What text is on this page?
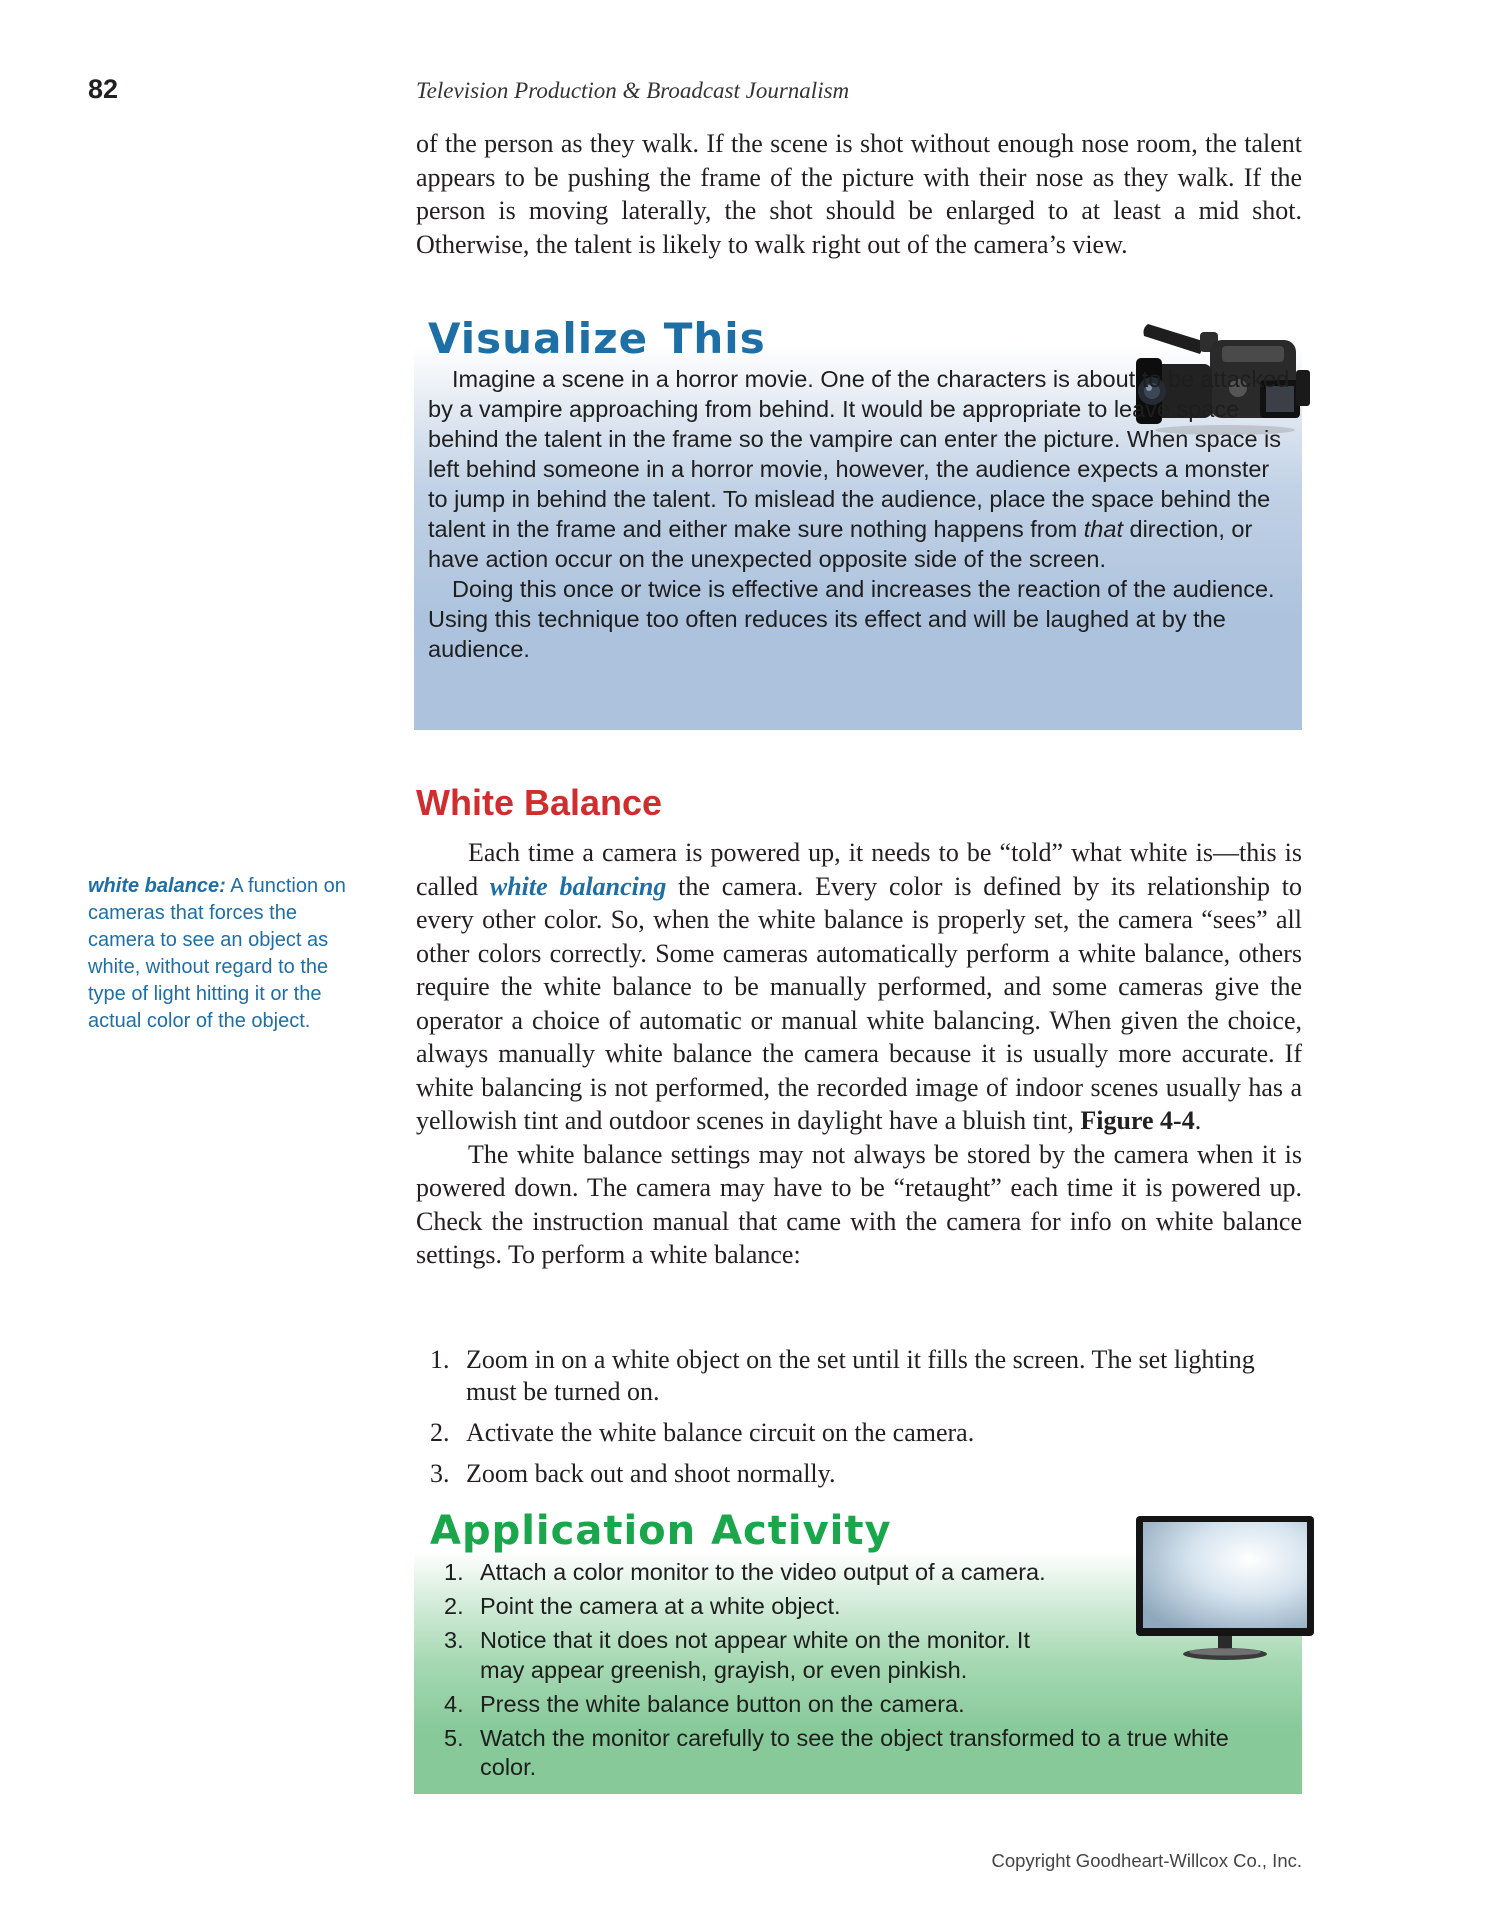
82	Television Production & Broadcast Journalism

of the person as they walk. If the scene is shot without enough nose room, the talent appears to be pushing the frame of the picture with their nose as they walk. If the person is moving laterally, the shot should be enlarged to at least a mid shot. Otherwise, the talent is likely to walk right out of the camera’s view.

Visualize This

Imagine a scene in a horror movie. One of the characters is about to be attacked by a vampire approaching from behind. It would be appropriate to leave space behind the talent in the frame so the vampire can enter the picture. When space is left behind someone in a horror movie, however, the audience expects a monster to jump in behind the talent. To mislead the audience, place the space behind the talent in the frame and either make sure nothing happens from that direction, or have action occur on the unexpected opposite side of the screen.

Doing this once or twice is effective and increases the reaction of the audience. Using this technique too often reduces its effect and will be laughed at by the audience.

White Balance

Each time a camera is powered up, it needs to be “told” what white is—this is called white balancing the camera. Every color is defined by its relationship to every other color. So, when the white balance is properly set, the camera “sees” all other colors correctly. Some cameras automatically perform a white balance, others require the white balance to be manually performed, and some cameras give the operator a choice of automatic or manual white balancing. When given the choice, always manually white balance the camera because it is usually more accurate. If white balancing is not performed, the recorded image of indoor scenes usually has a yellowish tint and outdoor scenes in daylight have a bluish tint, Figure 4-4.

The white balance settings may not always be stored by the camera when it is powered down. The camera may have to be “retaught” each time it is powered up. Check the instruction manual that came with the camera for info on white balance settings. To perform a white balance:

1. Zoom in on a white object on the set until it fills the screen. The set lighting must be turned on.
2. Activate the white balance circuit on the camera.
3. Zoom back out and shoot normally.
white balance: A function on cameras that forces the camera to see an object as white, without regard to the type of light hitting it or the actual color of the object.
Application Activity
1. Attach a color monitor to the video output of a camera.
2. Point the camera at a white object.
3. Notice that it does not appear white on the monitor. It may appear greenish, grayish, or even pinkish.
4. Press the white balance button on the camera.
5. Watch the monitor carefully to see the object transformed to a true white color.
Copyright Goodheart-Willcox Co., Inc.
